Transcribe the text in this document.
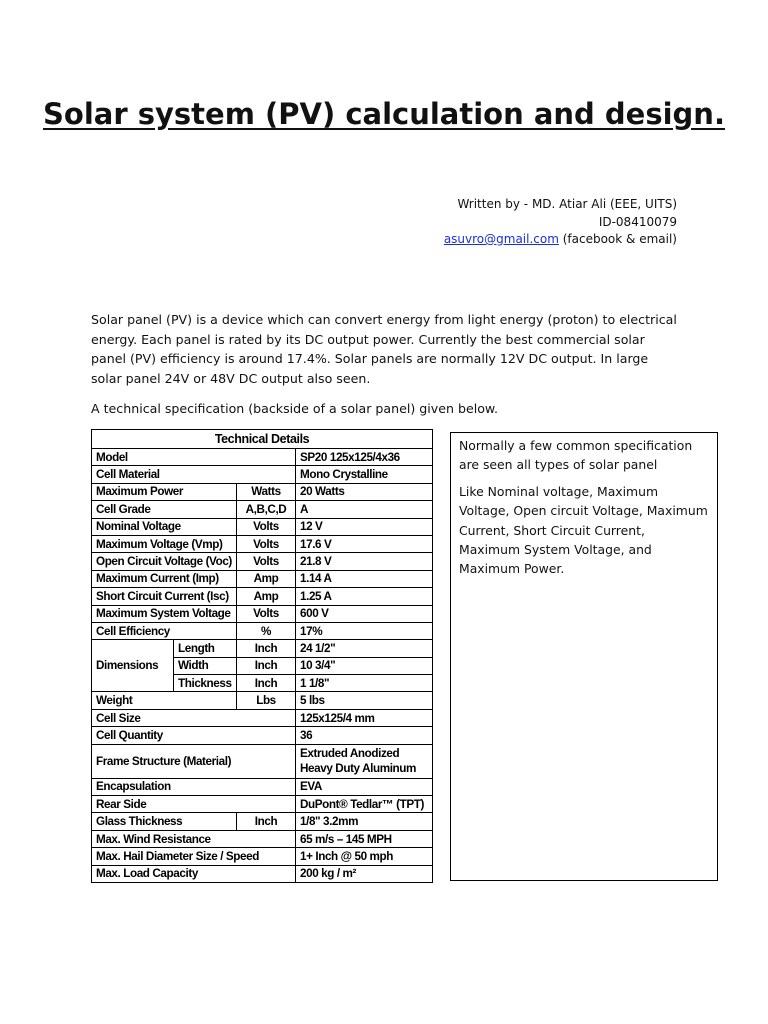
Solar system (PV) calculation and design.
Written by - MD. Atiar Ali (EEE, UITS)
ID-08410079
asuvro@gmail.com (facebook & email)
Solar panel (PV) is a device which can convert energy from light energy (proton) to electrical energy. Each panel is rated by its DC output power. Currently the best commercial solar panel (PV) efficiency is around 17.4%. Solar panels are normally 12V DC output. In large solar panel 24V or 48V DC output also seen.
A technical specification (backside of a solar panel) given below.
Technical Details			
Model			SP20 125x125/4x36
Cell Material			Mono Crystalline
Maximum Power		Watts	20 Watts
Cell Grade		A,B,C,D	A
Nominal Voltage		Volts	12 V
Maximum Voltage (Vmp)		Volts	17.6 V
Open Circuit Voltage (Voc)		Volts	21.8 V
Maximum Current (Imp)		Amp	1.14 A
Short Circuit Current (Isc)		Amp	1.25 A
Maximum System Voltage		Volts	600 V
Cell Efficiency		%	17%
Dimensions	Length	Inch	24 1/2"
	Width	Inch	10 3/4"
	Thickness	Inch	1 1/8"
Weight		Lbs	5 lbs
Cell Size			125x125/4 mm
Cell Quantity			36
Frame Structure (Material)			Extruded Anodized Heavy Duty Aluminum
Encapsulation			EVA
Rear Side			DuPont® Tedlar™ (TPT)
Glass Thickness		Inch	1/8" 3.2mm
Max. Wind Resistance			65 m/s – 145 MPH
Max. Hail Diameter Size / Speed			1+ Inch @ 50 mph
Max. Load Capacity			200 kg / m²

Normally a few common specification are seen all types of solar panel

Like Nominal voltage, Maximum Voltage, Open circuit Voltage, Maximum Current, Short Circuit Current, Maximum System Voltage, and Maximum Power.
